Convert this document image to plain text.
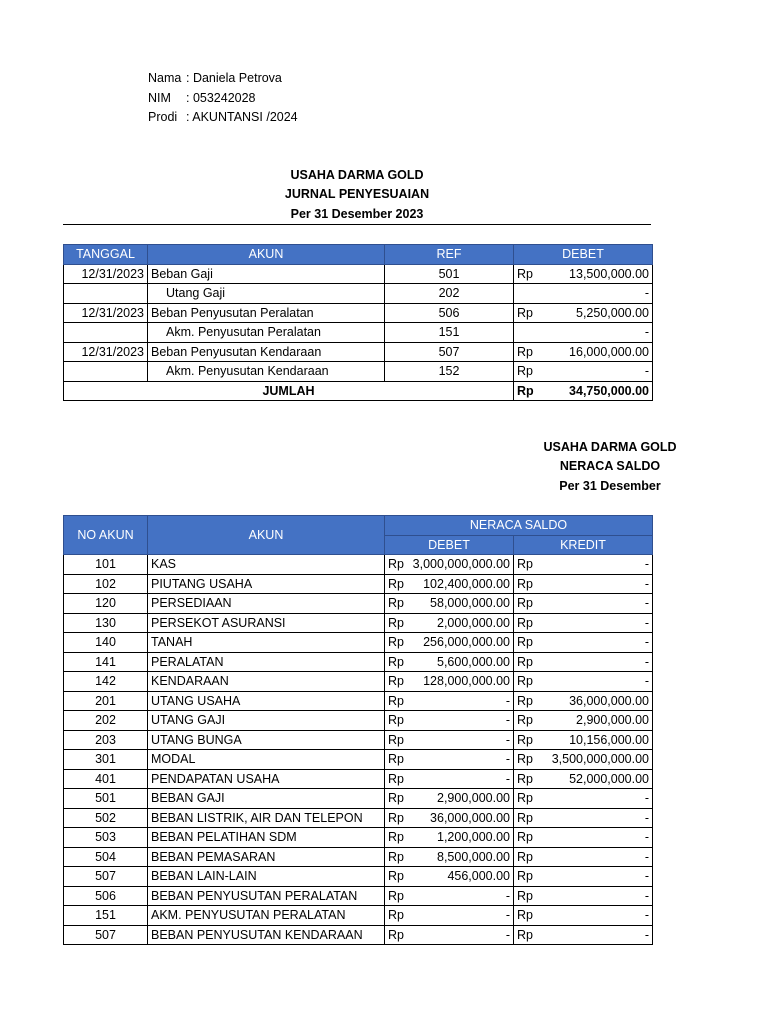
Nama : Daniela Petrova
NIM	: 053242028
Prodi : AKUNTANSI /2024
USAHA DARMA GOLD
JURNAL PENYESUAIAN
Per 31 Desember 2023
TANGGAL	AKUN	REF	DEBET	
12/31/2023	Beban Gaji	501	Rp	13,500,000.00
	Utang Gaji	202		-
12/31/2023	Beban Penyusutan Peralatan	506	Rp	5,250,000.00
	Akm. Penyusutan Peralatan	151		-
12/31/2023	Beban Penyusutan Kendaraan	507	Rp	16,000,000.00
	Akm. Penyusutan Kendaraan	152	Rp	-
JUMLAH			Rp	34,750,000.00
USAHA DARMA GOLD
NERACA SALDO
Per 31 Desember
NO AKUN	AKUN	NERACA SALDO			
		DEBET		KREDIT	
101	KAS	Rp	3,000,000,000.00	Rp	-
102	PIUTANG USAHA	Rp	102,400,000.00	Rp	-
120	PERSEDIAAN	Rp	58,000,000.00	Rp	-
130	PERSEKOT ASURANSI	Rp	2,000,000.00	Rp	-
140	TANAH	Rp	256,000,000.00	Rp	-
141	PERALATAN	Rp	5,600,000.00	Rp	-
142	KENDARAAN	Rp	128,000,000.00	Rp	-
201	UTANG USAHA	Rp	-	Rp	36,000,000.00
202	UTANG GAJI	Rp	-	Rp	2,900,000.00
203	UTANG BUNGA	Rp	-	Rp	10,156,000.00
301	MODAL	Rp	-	Rp	3,500,000,000.00
401	PENDAPATAN USAHA	Rp	-	Rp	52,000,000.00
501	BEBAN GAJI	Rp	2,900,000.00	Rp	-
502	BEBAN LISTRIK, AIR DAN TELEPON	Rp	36,000,000.00	Rp	-
503	BEBAN PELATIHAN SDM	Rp	1,200,000.00	Rp	-
504	BEBAN PEMASARAN	Rp	8,500,000.00	Rp	-
507	BEBAN LAIN-LAIN	Rp	456,000.00	Rp	-
506	BEBAN PENYUSUTAN PERALATAN	Rp	-	Rp	-
151	AKM. PENYUSUTAN PERALATAN	Rp	-	Rp	-
507	BEBAN PENYUSUTAN KENDARAAN	Rp	-	Rp	-
